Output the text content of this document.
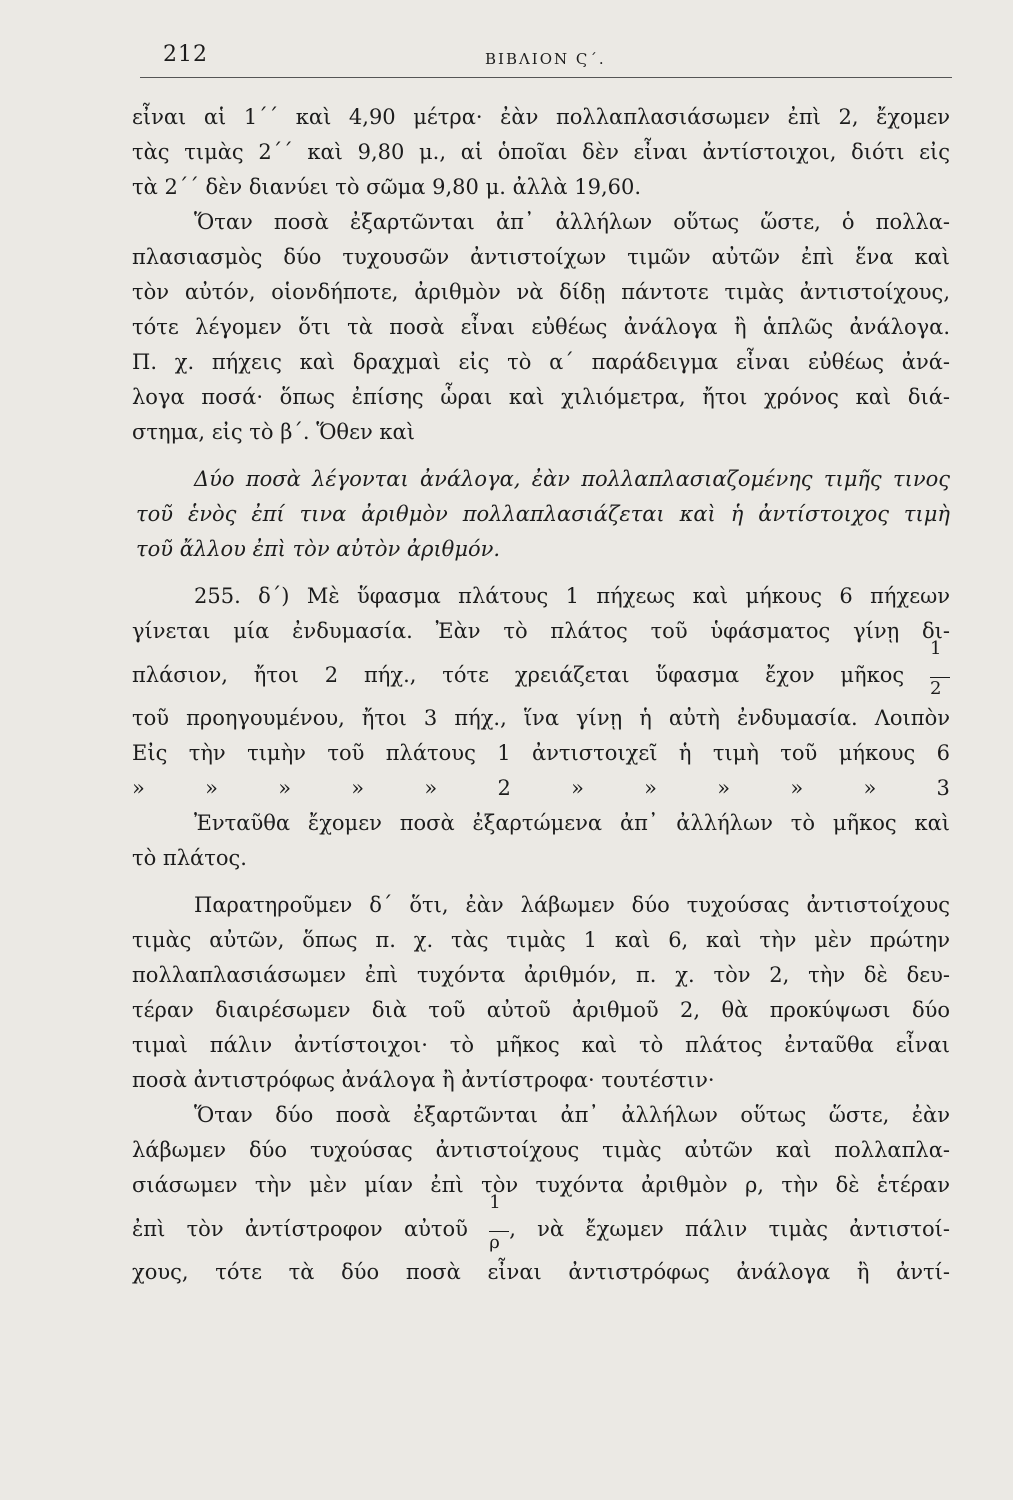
212	ΒΙΒΛΙΟΝ Ϛ΄.
εἶναι αἱ 1΄΄ καὶ 4,90 μέτρα· ἐὰν πολλαπλασιάσωμεν ἐπὶ 2, ἔχομεν
τὰς τιμὰς 2΄΄ καὶ 9,80 μ., αἱ ὁποῖαι δὲν εἶναι ἀντίστοιχοι, διότι εἰς
τὰ 2΄΄ δὲν διανύει τὸ σῶμα 9,80 μ. ἀλλὰ 19,60.
Ὅταν ποσὰ ἐξαρτῶνται ἀπ᾿ ἀλλήλων οὕτως ὥστε, ὁ πολλα-
πλασιασμὸς δύο τυχουσῶν ἀντιστοίχων τιμῶν αὐτῶν ἐπὶ ἕνα καὶ
τὸν αὐτόν, οἱονδήποτε, ἀριθμὸν νὰ δίδῃ πάντοτε τιμὰς ἀντιστοίχους,
τότε λέγομεν ὅτι τὰ ποσὰ εἶναι εὐθέως ἀνάλογα ἢ ἁπλῶς ἀνάλογα.
Π. χ. πήχεις καὶ δραχμαὶ εἰς τὸ α΄ παράδειγμα εἶναι εὐθέως ἀνά-
λογα ποσά· ὅπως ἐπίσης ὧραι καὶ χιλιόμετρα, ἤτοι χρόνος καὶ διά-
στημα, εἰς τὸ β΄. Ὅθεν καὶ
Δύο ποσὰ λέγονται ἀνάλογα, ἐὰν πολλαπλασιαζομένης τιμῆς τινος
τοῦ ἑνὸς ἐπί τινα ἀριθμὸν πολλαπλασιάζεται καὶ ἡ ἀντίστοιχος τιμὴ
τοῦ ἄλλου ἐπὶ τὸν αὐτὸν ἀριθμόν.
255. δ΄) Μὲ ὕφασμα πλάτους 1 πήχεως καὶ μήκους 6 πήχεων
γίνεται μία ἐνδυμασία. Ἐὰν τὸ πλάτος τοῦ ὑφάσματος γίνῃ δι-
πλάσιον, ἤτοι 2 πήχ., τότε χρειάζεται ὕφασμα ἔχον μῆκος $\frac{1}{2}$
τοῦ προηγουμένου, ἤτοι 3 πήχ., ἵνα γίνῃ ἡ αὐτὴ ἐνδυμασία. Λοιπὸν
Εἰς τὴν τιμὴν τοῦ πλάτους 1 ἀντιστοιχεῖ ἡ τιμὴ τοῦ μήκους 6
»	»	»	»	»	2	»	»	»	»	»	3
Ἐνταῦθα ἔχομεν ποσὰ ἐξαρτώμενα ἀπ᾿ ἀλλήλων τὸ μῆκος καὶ
τὸ πλάτος.
Παρατηροῦμεν δ΄ ὅτι, ἐὰν λάβωμεν δύο τυχούσας ἀντιστοίχους
τιμὰς αὐτῶν, ὅπως π. χ. τὰς τιμὰς 1 καὶ 6, καὶ τὴν μὲν πρώτην
πολλαπλασιάσωμεν ἐπὶ τυχόντα ἀριθμόν, π. χ. τὸν 2, τὴν δὲ δευ-
τέραν διαιρέσωμεν διὰ τοῦ αὐτοῦ ἀριθμοῦ 2, θὰ προκύψωσι δύο
τιμαὶ πάλιν ἀντίστοιχοι· τὸ μῆκος καὶ τὸ πλάτος ἐνταῦθα εἶναι
ποσὰ ἀντιστρόφως ἀνάλογα ἢ ἀντίστροφα· τουτέστιν·
Ὅταν δύο ποσὰ ἐξαρτῶνται ἀπ᾿ ἀλλήλων οὕτως ὥστε, ἐὰν
λάβωμεν δύο τυχούσας ἀντιστοίχους τιμὰς αὐτῶν καὶ πολλαπλα-
σιάσωμεν τὴν μὲν μίαν ἐπὶ τὸν τυχόντα ἀριθμὸν ρ, τὴν δὲ ἑτέραν
ἐπὶ τὸν ἀντίστροφον αὐτοῦ $\frac{1}{\rho}$ , νὰ ἔχωμεν πάλιν τιμὰς ἀντιστοί-
χους, τότε τὰ δύο ποσὰ εἶναι ἀντιστρόφως ἀνάλογα ἢ ἀντί-
